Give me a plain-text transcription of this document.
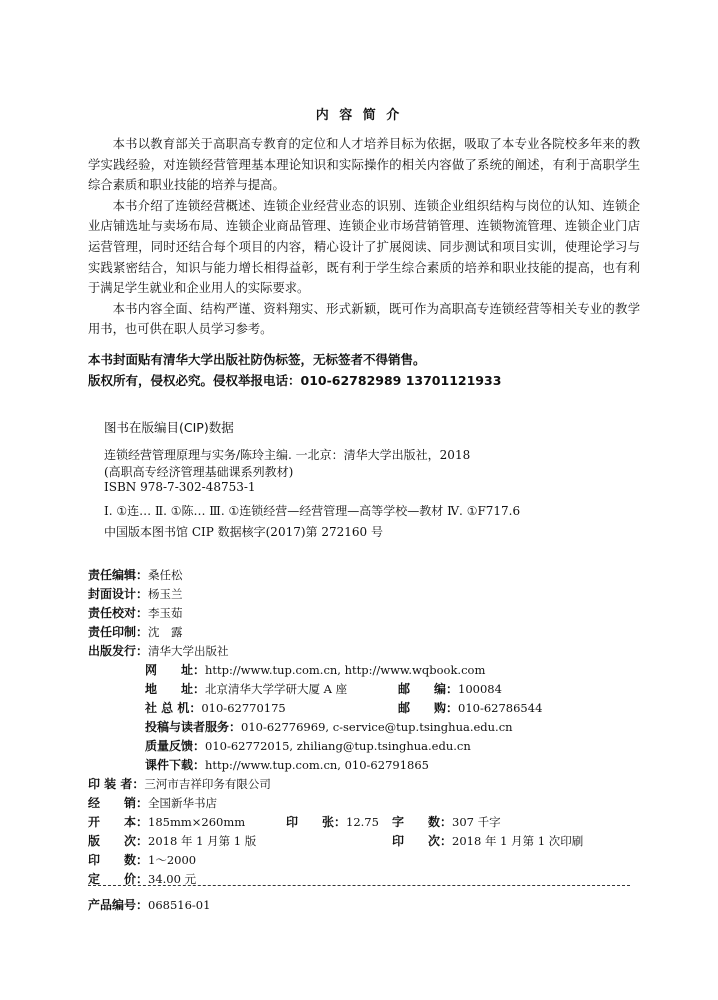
内 容 简 介

本书以教育部关于高职高专教育的定位和人才培养目标为依据，吸取了本专业各院校多年来的教学实践经验，对连锁经营管理基本理论知识和实际操作的相关内容做了系统的阐述，有利于高职学生综合素质和职业技能的培养与提高。

本书介绍了连锁经营概述、连锁企业经营业态的识别、连锁企业组织结构与岗位的认知、连锁企业店铺选址与卖场布局、连锁企业商品管理、连锁企业市场营销管理、连锁物流管理、连锁企业门店运营管理，同时还结合每个项目的内容，精心设计了扩展阅读、同步测试和项目实训，使理论学习与实践紧密结合，知识与能力增长相得益彰，既有利于学生综合素质的培养和职业技能的提高，也有利于满足学生就业和企业用人的实际要求。

本书内容全面、结构严谨、资料翔实、形式新颖，既可作为高职高专连锁经营等相关专业的教学用书，也可供在职人员学习参考。

本书封面贴有清华大学出版社防伪标签，无标签者不得销售。
版权所有，侵权必究。侵权举报电话：010-62782989 13701121933
图书在版编目(CIP)数据
连锁经营管理原理与实务/陈玲主编. 一北京：清华大学出版社，2018
(高职高专经济管理基础课系列教材)
ISBN 978-7-302-48753-1
Ⅰ. ①连… Ⅱ. ①陈… Ⅲ. ①连锁经营—经营管理—高等学校—教材 Ⅳ. ①F717.6
中国版本图书馆 CIP 数据核字(2017)第 272160 号
责任编辑：桑任松
封面设计：杨玉兰
责任校对：李玉茹
责任印制：沈　露
出版发行：清华大学出版社
网　　址：http://www.tup.com.cn, http://www.wqbook.com
地　　址：北京清华大学学研大厦 A 座	邮　　编：100084
社 总 机：010-62770175	邮　　购：010-62786544
投稿与读者服务：010-62776969, c-service@tup.tsinghua.edu.cn
质量反馈：010-62772015, zhiliang@tup.tsinghua.edu.cn
课件下载：http://www.tup.com.cn, 010-62791865
印 装 者：三河市吉祥印务有限公司
经　　销：全国新华书店
开　　本：185mm×260mm	印　　张：12.75 字　　数：307 千字
版　　次：2018 年 1 月第 1 版	印　　次：2018 年 1 月第 1 次印刷
印　　数：1～2000
定　　价：34.00 元
产品编号：068516-01
